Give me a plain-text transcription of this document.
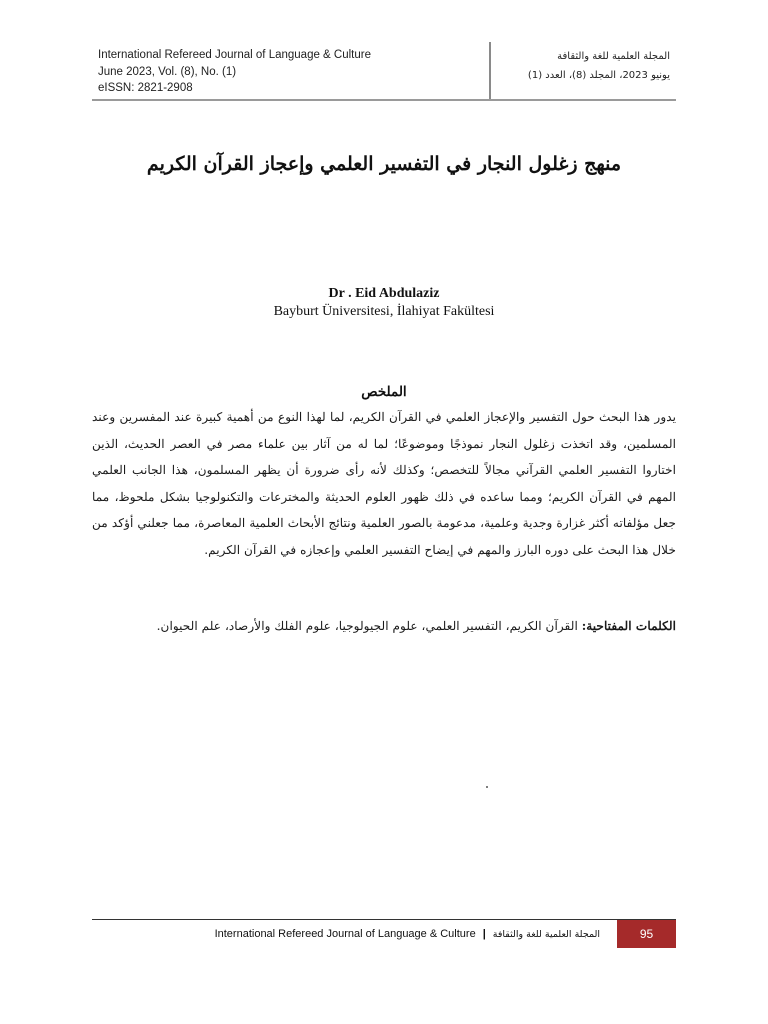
International Refereed Journal of Language & Culture
June 2023, Vol. (8), No. (1)
eISSN: 2821-2908
المجلة العلمية للغة والثقافة
يونيو 2023، المجلد (8)، العدد (1)
منهج زغلول النجار في التفسير العلمي وإعجاز القرآن الكريم
Dr . Eid Abdulaziz
Bayburt Üniversitesi, İlahiyat Fakültesi
الملخص
يدور هذا البحث حول التفسير والإعجاز العلمي في القرآن الكريم، لما لهذا النوع من أهمية كبيرة عند المفسرين وعند المسلمين، وقد اتخذت زغلول النجار نموذجًا وموضوعًا؛ لما له من آثار بين علماء مصر في العصر الحديث، الذين اختاروا التفسير العلمي القرآني مجالاً للتخصص؛ وكذلك لأنه رأى ضرورة أن يظهر المسلمون، هذا الجانب العلمي المهم في القرآن الكريم؛ ومما ساعده في ذلك ظهور العلوم الحديثة والمخترعات والتكنولوجيا بشكل ملحوظ، مما جعل مؤلفاته أكثر غزارة وجدية وعلمية، مدعومة بالصور العلمية ونتائج الأبحاث العلمية المعاصرة، مما جعلني أؤكد من خلال هذا البحث على دوره البارز والمهم في إيضاح التفسير العلمي وإعجازه في القرآن الكريم.
الكلمات المفتاحية: القرآن الكريم، التفسير العلمي، علوم الجيولوجيا، علوم الفلك والأرصاد، علم الحيوان.
International Refereed Journal of Language & Culture | المجلة العلمية للغة والثقافة	95
